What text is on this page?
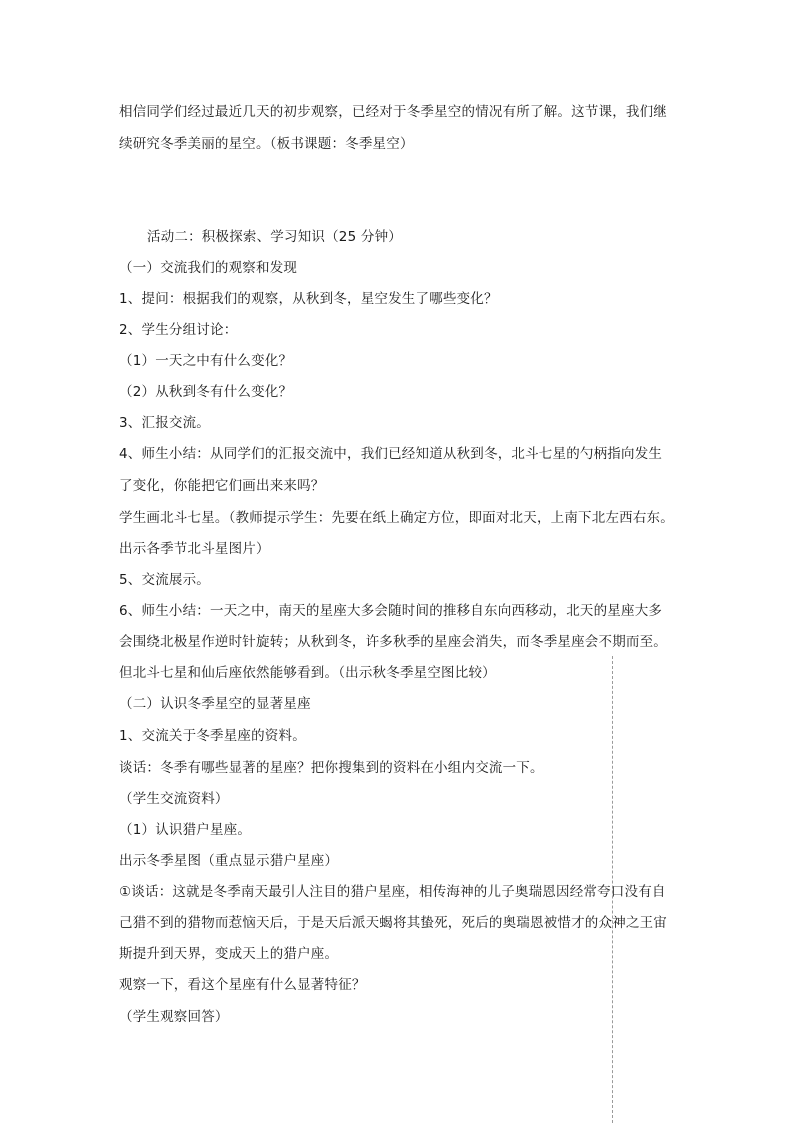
相信同学们经过最近几天的初步观察，已经对于冬季星空的情况有所了解。这节课，我们继
续研究冬季美丽的星空。（板书课题：冬季星空）
活动二：积极探索、学习知识（25 分钟）
（一）交流我们的观察和发现
1、提问：根据我们的观察，从秋到冬，星空发生了哪些变化？
2、学生分组讨论：
（1）一天之中有什么变化？
（2）从秋到冬有什么变化？
3、汇报交流。
4、师生小结：从同学们的汇报交流中，我们已经知道从秋到冬，北斗七星的勺柄指向发生
了变化，你能把它们画出来来吗？
学生画北斗七星。（教师提示学生：先要在纸上确定方位，即面对北天，上南下北左西右东。
出示各季节北斗星图片）
5、交流展示。
6、师生小结：一天之中，南天的星座大多会随时间的推移自东向西移动，北天的星座大多
会围绕北极星作逆时针旋转；从秋到冬，许多秋季的星座会消失，而冬季星座会不期而至。
但北斗七星和仙后座依然能够看到。（出示秋冬季星空图比较）
（二）认识冬季星空的显著星座
1、交流关于冬季星座的资料。
谈话：冬季有哪些显著的星座？把你搜集到的资料在小组内交流一下。
（学生交流资料）
（1）认识猎户星座。
出示冬季星图（重点显示猎户星座）
①谈话：这就是冬季南天最引人注目的猎户星座，相传海神的儿子奥瑞恩因经常夸口没有自
己猎不到的猎物而惹恼天后，于是天后派天蝎将其蛰死，死后的奥瑞恩被惜才的众神之王宙
斯提升到天界，变成天上的猎户座。
观察一下，看这个星座有什么显著特征？
（学生观察回答）
